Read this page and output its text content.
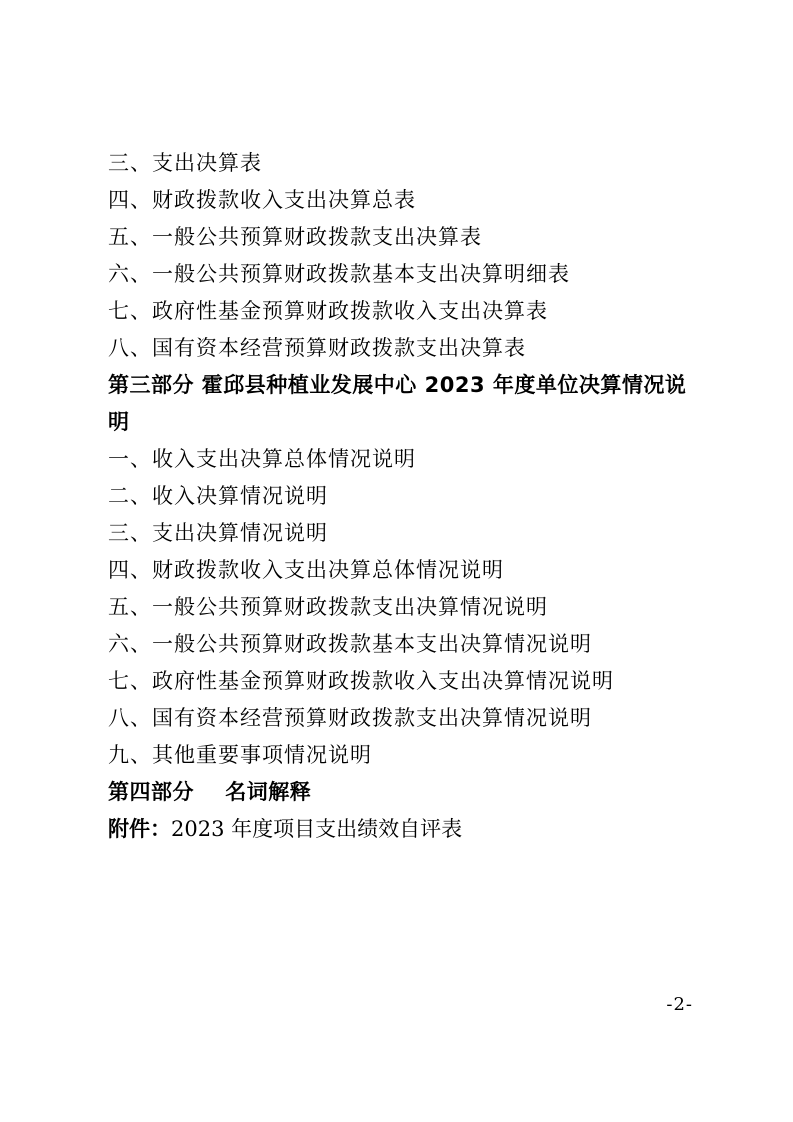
三、支出决算表
四、财政拨款收入支出决算总表
五、一般公共预算财政拨款支出决算表
六、一般公共预算财政拨款基本支出决算明细表
七、政府性基金预算财政拨款收入支出决算表
八、国有资本经营预算财政拨款支出决算表
第三部分 霍邱县种植业发展中心 2023 年度单位决算情况说明
一、收入支出决算总体情况说明
二、收入决算情况说明
三、支出决算情况说明
四、财政拨款收入支出决算总体情况说明
五、一般公共预算财政拨款支出决算情况说明
六、一般公共预算财政拨款基本支出决算情况说明
七、政府性基金预算财政拨款收入支出决算情况说明
八、国有资本经营预算财政拨款支出决算情况说明
九、其他重要事项情况说明
第四部分    名词解释
附件：2023 年度项目支出绩效自评表
-2-
